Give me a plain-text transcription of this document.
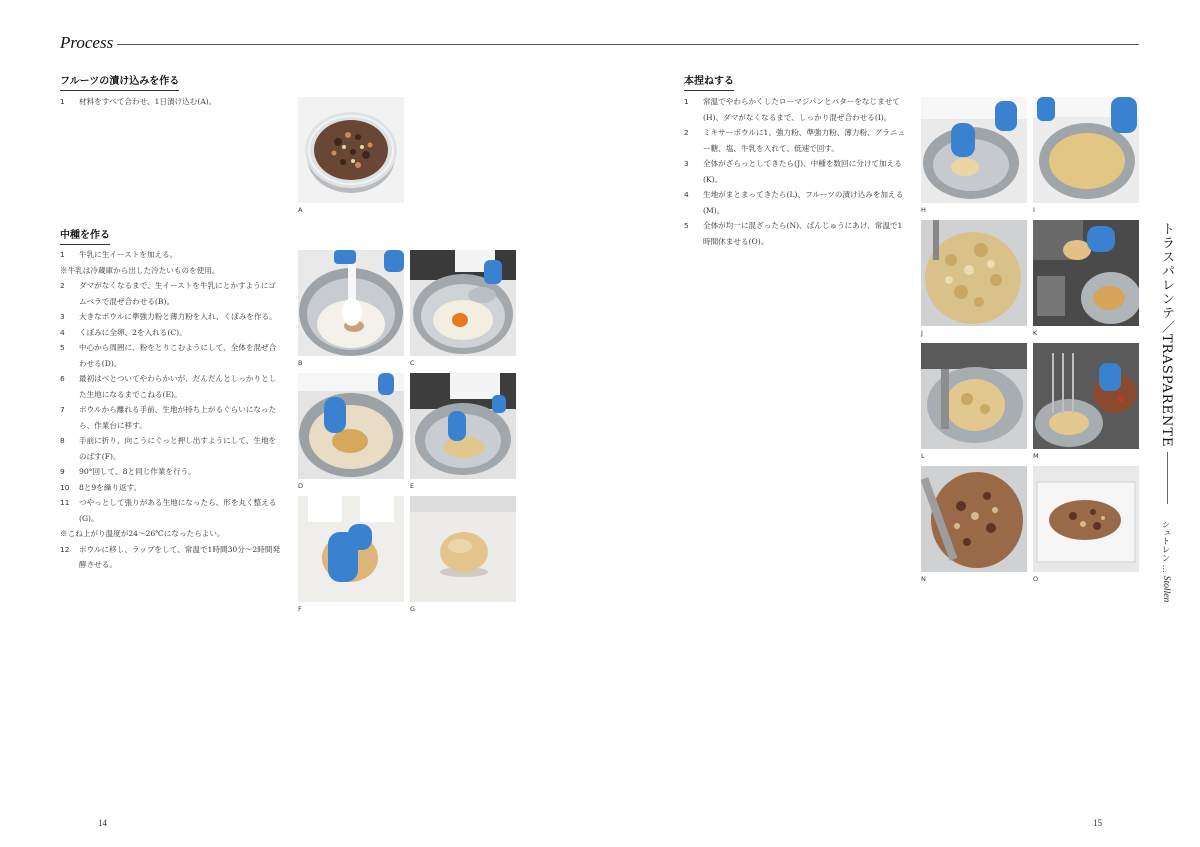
Process
フルーツの漬け込みを作る
1	材料をすべて合わせ、1日漬け込む(A)。
中種を作る
1	牛乳に生イーストを加える。
※牛乳は冷蔵庫から出した冷たいものを使用。
2	ダマがなくなるまで、生イーストを牛乳にとかすようにゴムベラで混ぜ合わせる(B)。
3	大きなボウルに準強力粉と薄力粉を入れ、くぼみを作る。
4	くぼみに全卵、2を入れる(C)。
5	中心から周囲に、粉をとりこむようにして、全体を混ぜ合わせる(D)。
6	最初はべとついてやわらかいが、だんだんとしっかりとした生地になるまでこねる(E)。
7	ボウルから離れる手前、生地が持ち上がるぐらいになったら、作業台に移す。
8	手前に折り、向こうにぐっと押し出すようにして、生地をのばす(F)。
9	90°回して、8と同じ作業を行う。
10	8と9を繰り返す。
11	つやっとして張りがある生地になったら、形を丸く整える(G)。
※こね上がり温度が24～26℃になったらよい。
12	ボウルに移し、ラップをして、常温で1時間30分～2時間発酵させる。
A
B	C
D	E
F	G
14
本捏ねする
1	常温でやわらかくしたローマジパンとバターをなじませて(H)、ダマがなくなるまで、しっかり混ぜ合わせる(I)。
2	ミキサーボウルに1、強力粉、準強力粉、薄力粉、グラニュー糖、塩、牛乳を入れて、低速で回す。
3	全体がざらっとしてきたら(J)、中種を数回に分けて加える(K)。
4	生地がまとまってきたら(L)、フルーツの漬け込みを加える(M)。
5	全体が均一に混ざったら(N)、ばんじゅうにあけ、常温で1時間休ませる(O)。
H	I
J	K
L	M
N	O
トラスパレンテ／TRASPARENTE
シュトレン … Stollen
15
